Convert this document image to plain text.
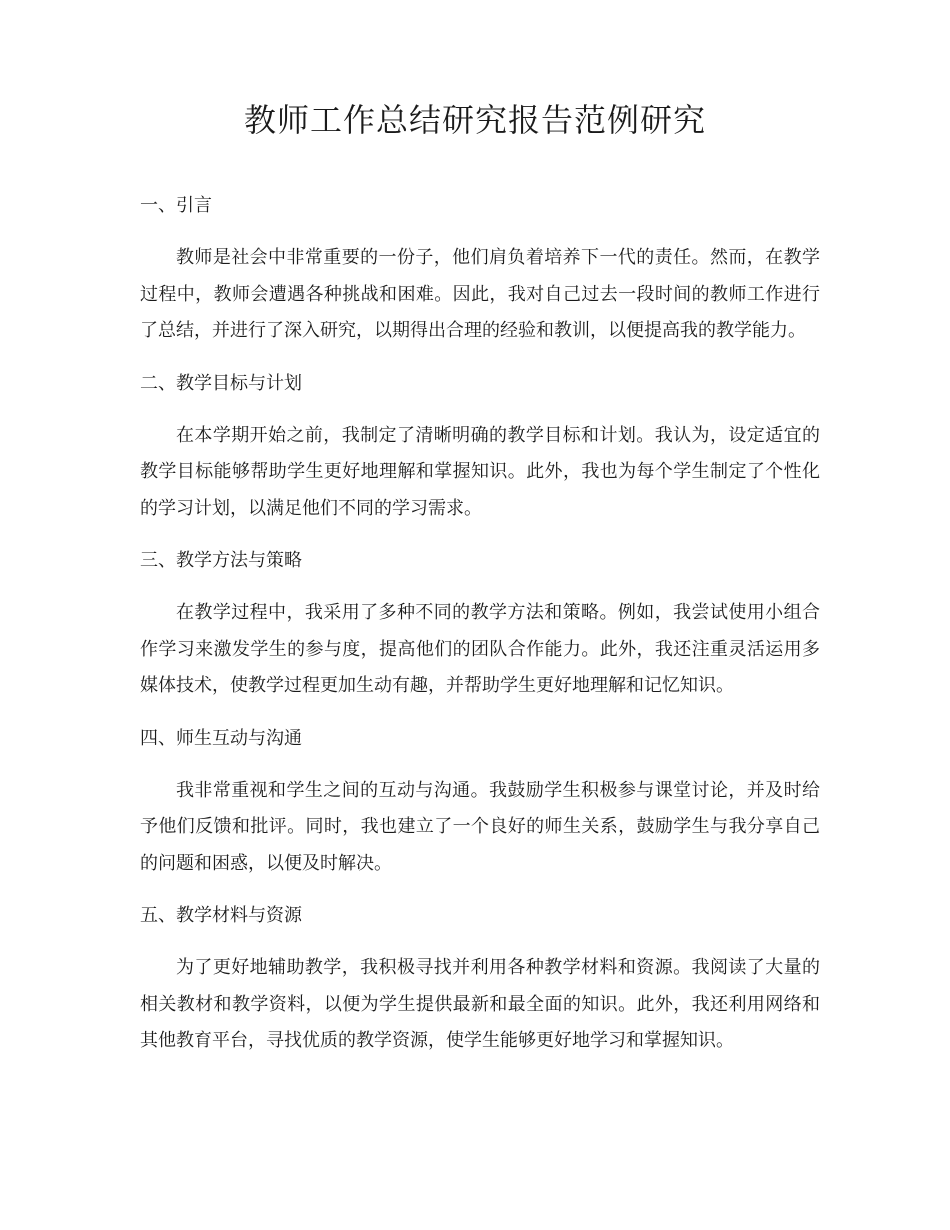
教师工作总结研究报告范例研究
一、引言

教师是社会中非常重要的一份子，他们肩负着培养下一代的责任。然而，在教学过程中，教师会遭遇各种挑战和困难。因此，我对自己过去一段时间的教师工作进行了总结，并进行了深入研究，以期得出合理的经验和教训，以便提高我的教学能力。

二、教学目标与计划

在本学期开始之前，我制定了清晰明确的教学目标和计划。我认为，设定适宜的教学目标能够帮助学生更好地理解和掌握知识。此外，我也为每个学生制定了个性化的学习计划，以满足他们不同的学习需求。

三、教学方法与策略

在教学过程中，我采用了多种不同的教学方法和策略。例如，我尝试使用小组合作学习来激发学生的参与度，提高他们的团队合作能力。此外，我还注重灵活运用多媒体技术，使教学过程更加生动有趣，并帮助学生更好地理解和记忆知识。

四、师生互动与沟通

我非常重视和学生之间的互动与沟通。我鼓励学生积极参与课堂讨论，并及时给予他们反馈和批评。同时，我也建立了一个良好的师生关系，鼓励学生与我分享自己的问题和困惑，以便及时解决。

五、教学材料与资源

为了更好地辅助教学，我积极寻找并利用各种教学材料和资源。我阅读了大量的相关教材和教学资料，以便为学生提供最新和最全面的知识。此外，我还利用网络和其他教育平台，寻找优质的教学资源，使学生能够更好地学习和掌握知识。
